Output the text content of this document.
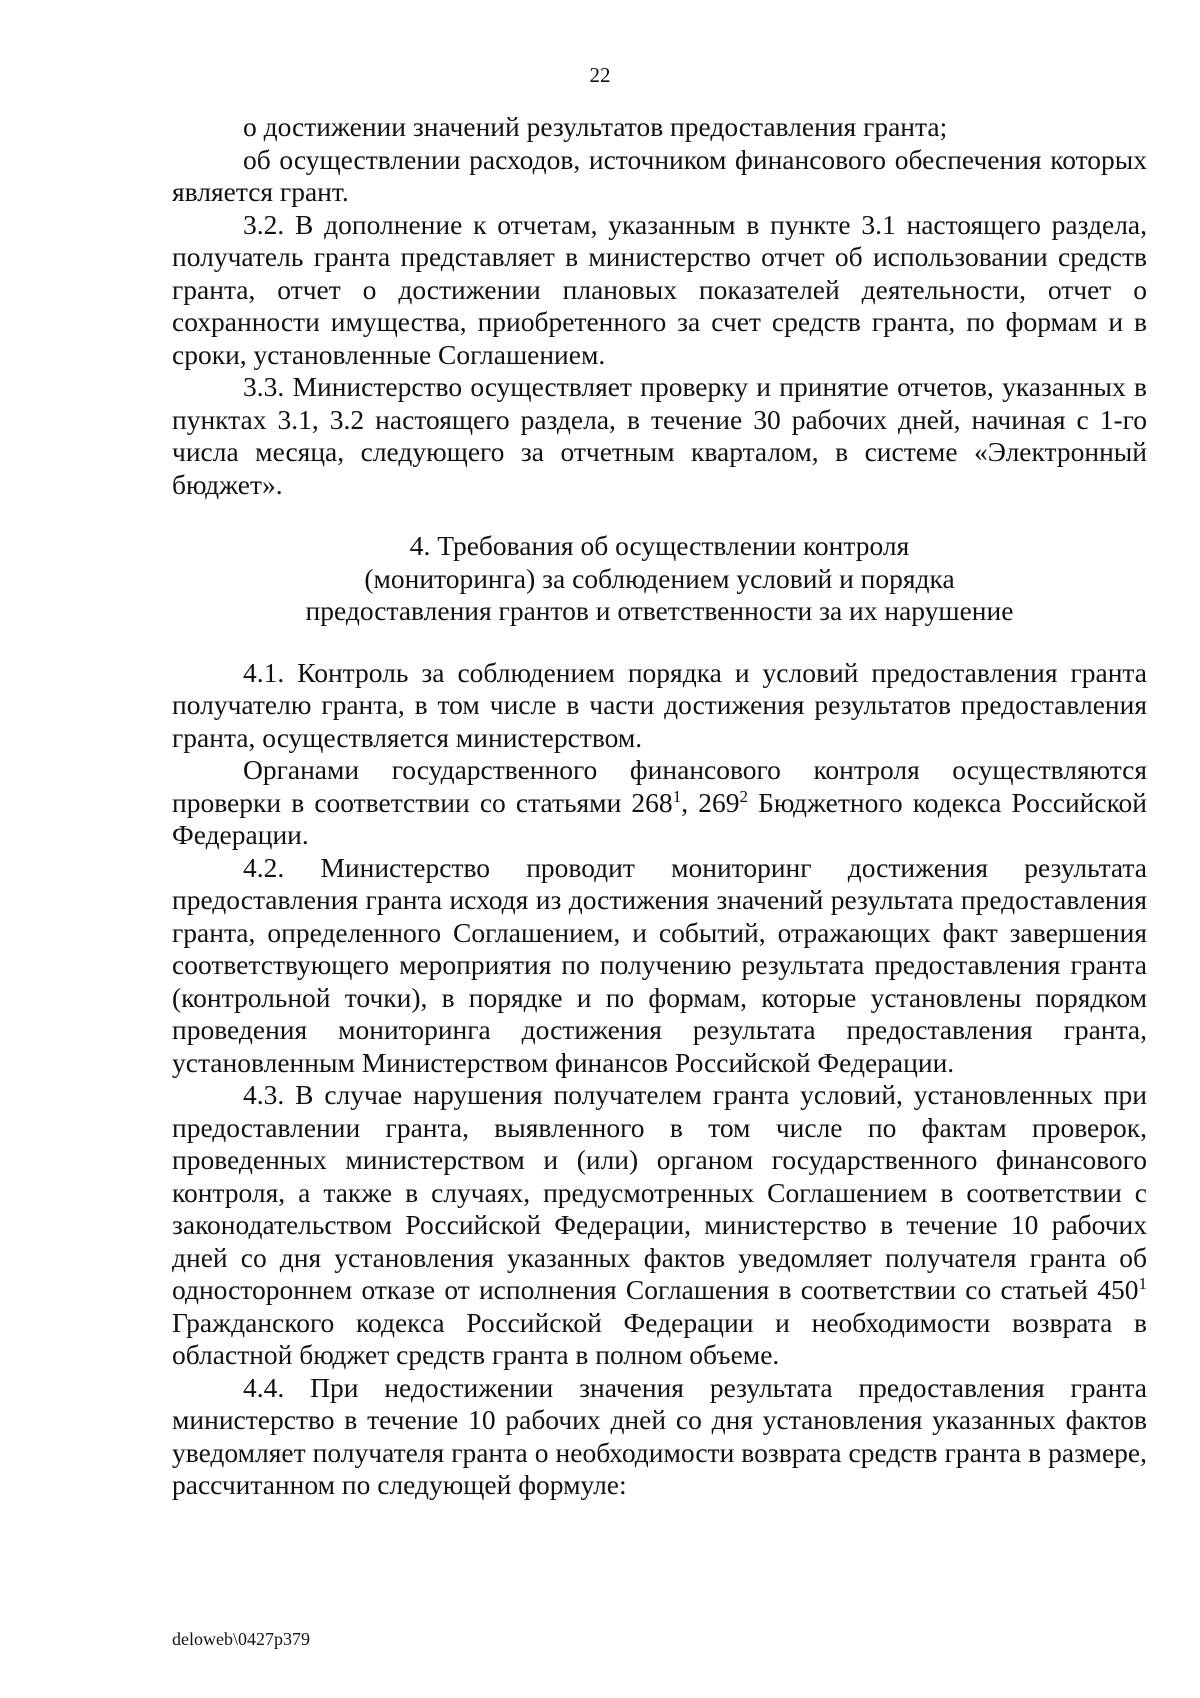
22

о достижении значений результатов предоставления гранта;

об осуществлении расходов, источником финансового обеспечения которых является грант.

3.2. В дополнение к отчетам, указанным в пункте 3.1 настоящего раздела, получатель гранта представляет в министерство отчет об использовании средств гранта, отчет о достижении плановых показателей деятельности, отчет о сохранности имущества, приобретенного за счет средств гранта, по формам и в сроки, установленные Соглашением.

3.3. Министерство осуществляет проверку и принятие отчетов, указанных в пунктах 3.1, 3.2 настоящего раздела, в течение 30 рабочих дней, начиная с 1-го числа месяца, следующего за отчетным кварталом, в системе «Электронный бюджет».

4. Требования об осуществлении контроля
(мониторинга) за соблюдением условий и порядка
предоставления грантов и ответственности за их нарушение

4.1. Контроль за соблюдением порядка и условий предоставления гранта получателю гранта, в том числе в части достижения результатов предоставления гранта, осуществляется министерством.

Органами государственного финансового контроля осуществляются проверки в соответствии со статьями $268^1$, $269^2$ Бюджетного кодекса Российской Федерации.

4.2. Министерство проводит мониторинг достижения результата предоставления гранта исходя из достижения значений результата предоставления гранта, определенного Соглашением, и событий, отражающих факт завершения соответствующего мероприятия по получению результата предоставления гранта (контрольной точки), в порядке и по формам, которые установлены порядком проведения мониторинга достижения результата предоставления гранта, установленным Министерством финансов Российской Федерации.

4.3. В случае нарушения получателем гранта условий, установленных при предоставлении гранта, выявленного в том числе по фактам проверок, проведенных министерством и (или) органом государственного финансового контроля, а также в случаях, предусмотренных Соглашением в соответствии с законодательством Российской Федерации, министерство в течение 10 рабочих дней со дня установления указанных фактов уведомляет получателя гранта об одностороннем отказе от исполнения Соглашения в соответствии со статьей $450^1$ Гражданского кодекса Российской Федерации и необходимости возврата в областной бюджет средств гранта в полном объеме.

4.4. При недостижении значения результата предоставления гранта министерство в течение 10 рабочих дней со дня установления указанных фактов уведомляет получателя гранта о необходимости возврата средств гранта в размере, рассчитанном по следующей формуле:

deloweb\0427p379
